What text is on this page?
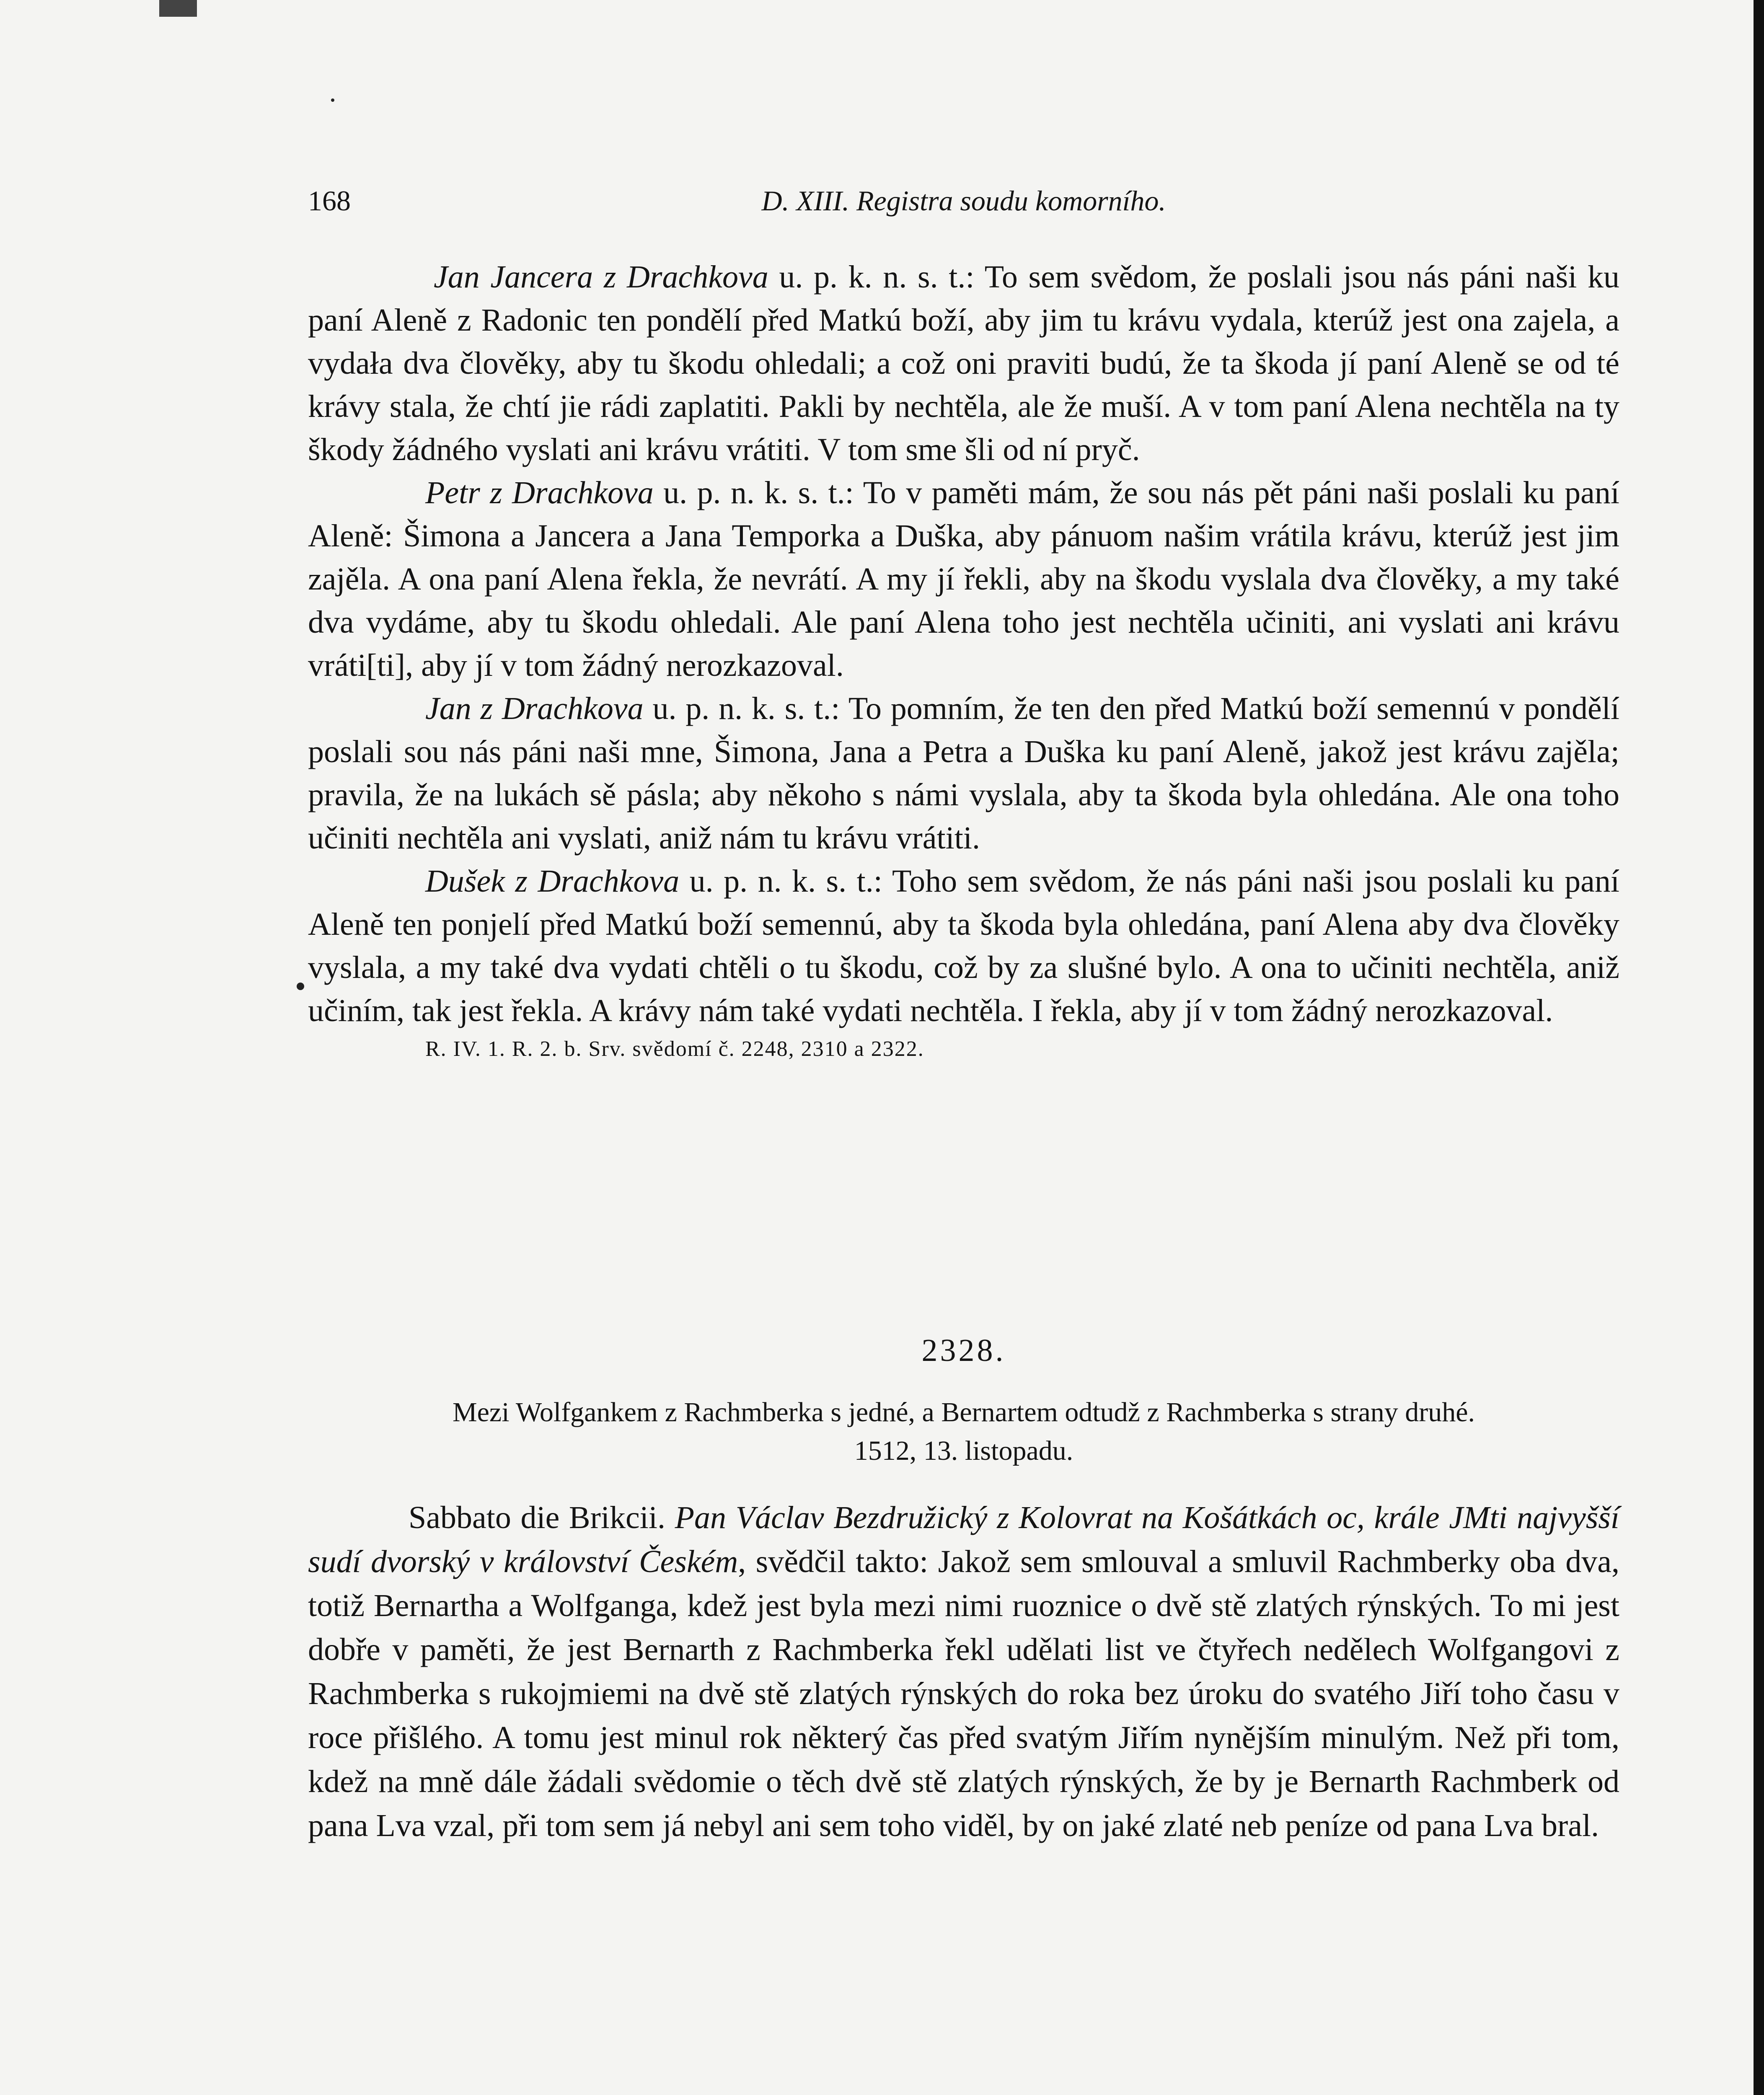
168	D. XIII. Registra soudu komorního.

Jan Jancera z Drachkova u. p. k. n. s. t.: To sem svědom, že poslali jsou nás páni naši ku paní Aleně z Radonic ten pondělí před Matkú boží, aby jim tu krávu vydala, kterúž jest ona zajela, a vydała dva člověky, aby tu škodu ohledali; a což oni praviti budú, že ta škoda jí paní Aleně se od té krávy stala, že chtí jie rádi zaplatiti. Pakli by nechtěla, ale že muší. A v tom paní Alena nechtěla na ty škody žádného vyslati ani krávu vrátiti. V tom sme šli od ní pryč.

Petr z Drachkova u. p. n. k. s. t.: To v paměti mám, že sou nás pět páni naši poslali ku paní Aleně: Šimona a Jancera a Jana Temporka a Duška, aby pánuom našim vrátila krávu, kterúž jest jim zajěla. A ona paní Alena řekla, že nevrátí. A my jí řekli, aby na škodu vyslala dva člověky, a my také dva vydáme, aby tu škodu ohledali. Ale paní Alena toho jest nechtěla učiniti, ani vyslati ani krávu vráti[ti], aby jí v tom žádný nerozkazoval.

Jan z Drachkova u. p. n. k. s. t.: To pomním, že ten den před Matkú boží semennú v pondělí poslali sou nás páni naši mne, Šimona, Jana a Petra a Duška ku paní Aleně, jakož jest krávu zajěla; pravila, že na lukách sě pásla; aby někoho s námi vyslala, aby ta škoda byla ohledána. Ale ona toho učiniti nechtěla ani vyslati, aniž nám tu krávu vrátiti.

Dušek z Drachkova u. p. n. k. s. t.: Toho sem svědom, že nás páni naši jsou poslali ku paní Aleně ten ponjelí před Matkú boží semennú, aby ta škoda byla ohledána, paní Alena aby dva člověky vyslala, a my také dva vydati chtěli o tu škodu, což by za slušné bylo. A ona to učiniti nechtěla, aniž učiním, tak jest řekla. A krávy nám také vydati nechtěla. I řekla, aby jí v tom žádný nerozkazoval.

R. IV. 1. R. 2. b. Srv. svědomí č. 2248, 2310 a 2322.

2328.
Mezi Wolfgankem z Rachmberka s jedné, a Bernartem odtudž z Rachmberka s strany druhé.
1512, 13. listopadu.

Sabbato die Brikcii. Pan Václav Bezdružický z Kolovrat na Košátkách oc, krále JMti najvyšší sudí dvorský v království Českém, svědčil takto: Jakož sem smlouval a smluvil Rachmberky oba dva, totiž Bernartha a Wolfganga, kdež jest byla mezi nimi ruoznice o dvě stě zlatých rýnských. To mi jest dobře v paměti, že jest Bernarth z Rachmberka řekl udělati list ve čtyřech nedělech Wolfgangovi z Rachmberka s rukojmiemi na dvě stě zlatých rýnských do roka bez úroku do svatého Jiří toho času v roce přišlého. A tomu jest minul rok některý čas před svatým Jiřím nynějším minulým. Než při tom, kdež na mně dále žádali svědomie o těch dvě stě zlatých rýnských, že by je Bernarth Rachmberk od pana Lva vzal, při tom sem já nebyl ani sem toho viděl, by on jaké zlaté neb peníze od pana Lva bral.
